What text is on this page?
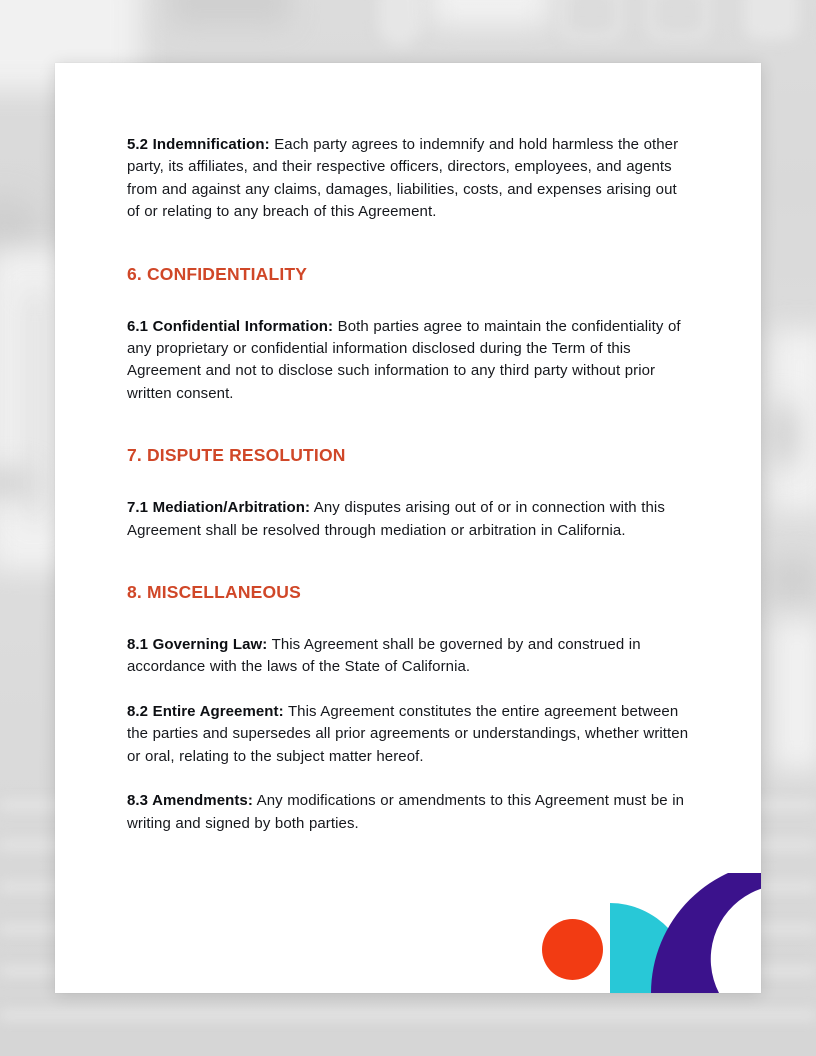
5.2 Indemnification: Each party agrees to indemnify and hold harmless the other party, its affiliates, and their respective officers, directors, employees, and agents from and against any claims, damages, liabilities, costs, and expenses arising out of or relating to any breach of this Agreement.

6. CONFIDENTIALITY

6.1 Confidential Information: Both parties agree to maintain the confidentiality of any proprietary or confidential information disclosed during the Term of this Agreement and not to disclose such information to any third party without prior written consent.

7. DISPUTE RESOLUTION

7.1 Mediation/Arbitration: Any disputes arising out of or in connection with this Agreement shall be resolved through mediation or arbitration in California.

8. MISCELLANEOUS

8.1 Governing Law: This Agreement shall be governed by and construed in accordance with the laws of the State of California.

8.2 Entire Agreement: This Agreement constitutes the entire agreement between the parties and supersedes all prior agreements or understandings, whether written or oral, relating to the subject matter hereof.

8.3 Amendments: Any modifications or amendments to this Agreement must be in writing and signed by both parties.
